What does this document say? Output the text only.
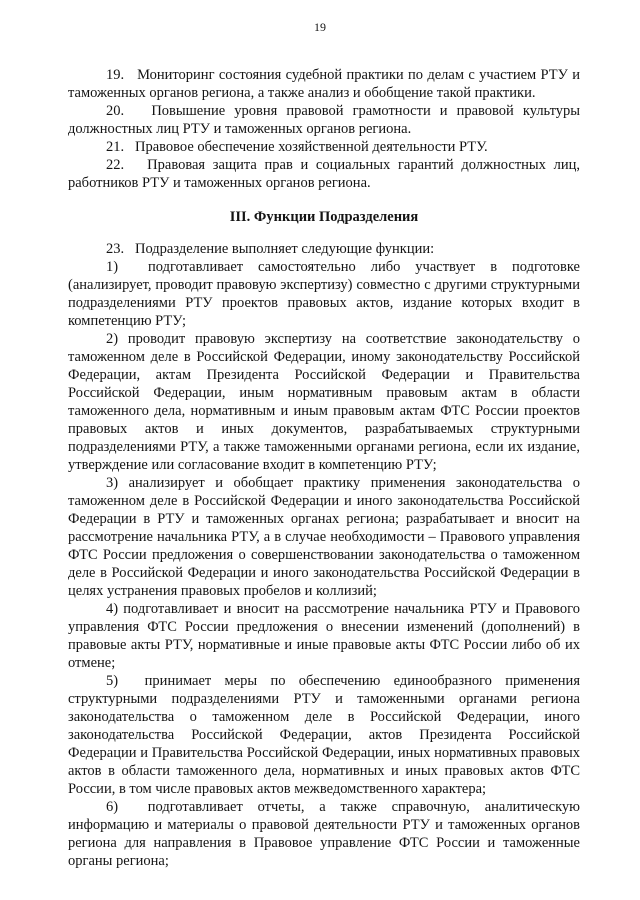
19

19.   Мониторинг состояния судебной практики по делам с участием РТУ и таможенных органов региона, а также анализ и обобщение такой практики.

20.   Повышение уровня правовой грамотности и правовой культуры должностных лиц РТУ и таможенных органов региона.

21.   Правовое обеспечение хозяйственной деятельности РТУ.

22.   Правовая защита прав и социальных гарантий должностных лиц, работников РТУ и таможенных органов региона.

III. Функции Подразделения

23.   Подразделение выполняет следующие функции:

1)  подготавливает самостоятельно либо участвует в подготовке (анализирует, проводит правовую экспертизу) совместно с другими структурными подразделениями РТУ проектов правовых актов, издание которых входит в компетенцию РТУ;

2) проводит правовую экспертизу на соответствие законодательству о таможенном деле в Российской Федерации, иному законодательству Российской Федерации, актам Президента Российской Федерации и Правительства Российской Федерации, иным нормативным правовым актам в области таможенного дела, нормативным и иным правовым актам ФТС России проектов правовых актов и иных документов, разрабатываемых структурными подразделениями РТУ, а также таможенными органами региона, если их издание, утверждение или согласование входит в компетенцию РТУ;

3) анализирует и обобщает практику применения законодательства о таможенном деле в Российской Федерации и иного законодательства Российской Федерации в РТУ и таможенных органах региона; разрабатывает и вносит на рассмотрение начальника РТУ, а в случае необходимости – Правового управления ФТС России предложения о совершенствовании законодательства о таможенном деле в Российской Федерации и иного законодательства Российской Федерации в целях устранения правовых пробелов и коллизий;

4) подготавливает и вносит на рассмотрение начальника РТУ и Правового управления ФТС России предложения о внесении изменений (дополнений) в правовые акты РТУ, нормативные и иные правовые акты ФТС России либо об их отмене;

5)  принимает меры по обеспечению единообразного применения структурными подразделениями РТУ и таможенными органами региона законодательства о таможенном деле в Российской Федерации, иного законодательства Российской Федерации, актов Президента Российской Федерации и Правительства Российской Федерации, иных нормативных правовых актов в области таможенного дела, нормативных и иных правовых актов ФТС России, в том числе правовых актов межведомственного характера;

6)  подготавливает отчеты, а также справочную, аналитическую информацию и материалы о правовой деятельности РТУ и таможенных органов региона для направления в Правовое управление ФТС России и таможенные органы региона;
